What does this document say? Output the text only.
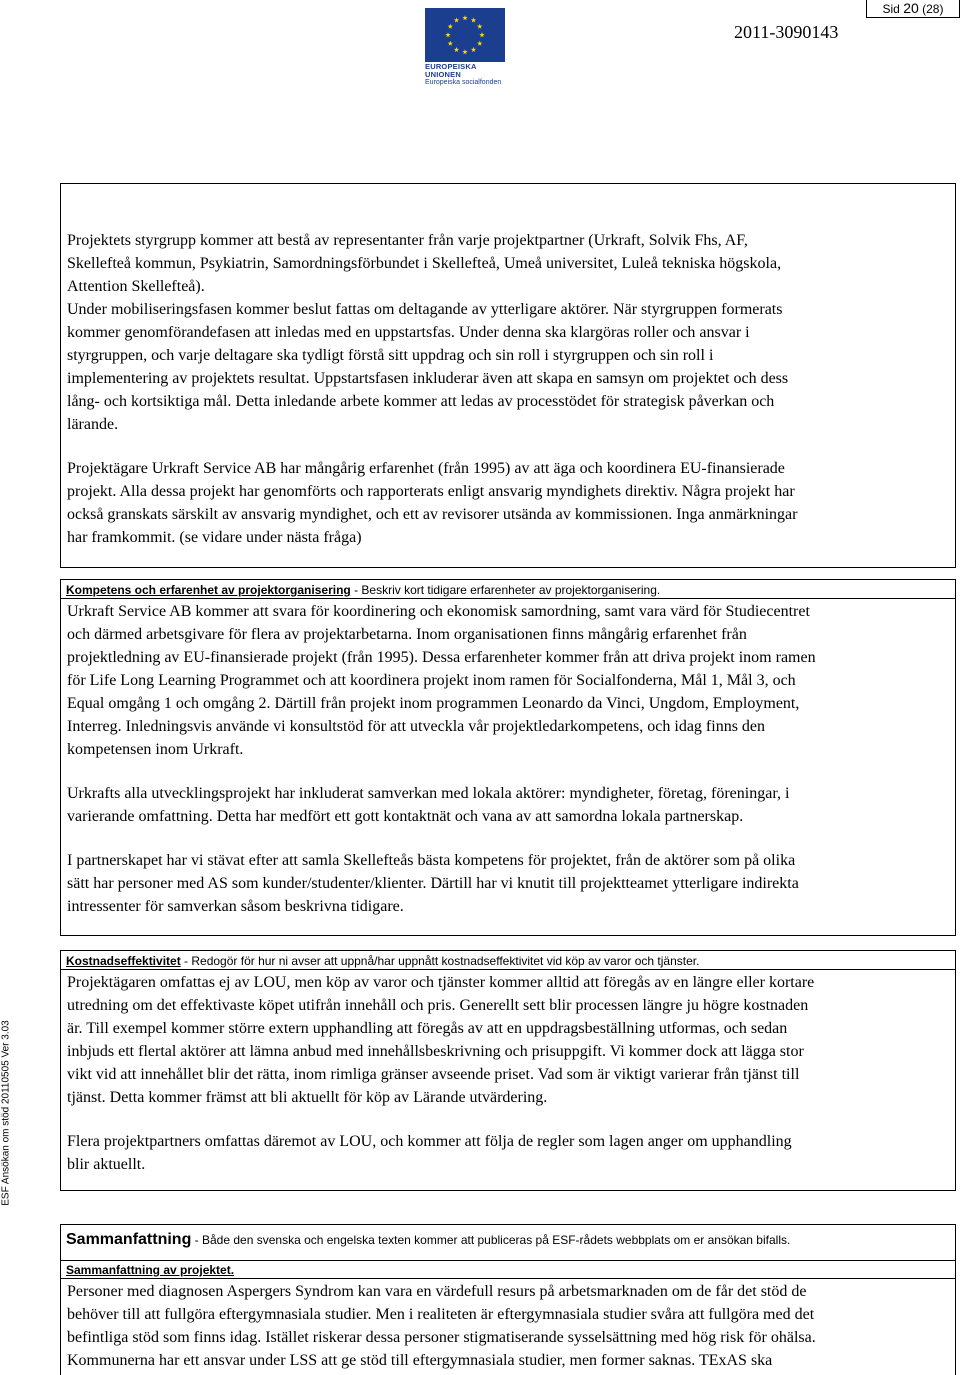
Sid 20 (28)
EUROPEISKA UNIONEN
Europeiska socialfonden
2011-3090143
ESF Ansökan om stöd 20110505 Ver 3.03

Projektets styrgrupp kommer att bestå av representanter från varje projektpartner (Urkraft, Solvik Fhs, AF,

Skellefteå kommun, Psykiatrin, Samordningsförbundet i Skellefteå, Umeå universitet, Luleå tekniska högskola,

Attention Skellefteå).

Under mobiliseringsfasen kommer beslut fattas om deltagande av ytterligare aktörer. När styrgruppen formerats

kommer genomförandefasen att inledas med en uppstartsfas. Under denna ska klargöras roller och ansvar i

styrgruppen, och varje deltagare ska tydligt förstå sitt uppdrag och sin roll i styrgruppen och sin roll i

implementering av projektets resultat. Uppstartsfasen inkluderar även att skapa en samsyn om projektet och dess

lång- och kortsiktiga mål. Detta inledande arbete kommer att ledas av processtödet för strategisk påverkan och

lärande.

Projektägare Urkraft Service AB har mångårig erfarenhet (från 1995) av att äga och koordinera EU-finansierade

projekt. Alla dessa projekt har genomförts och rapporterats enligt ansvarig myndighets direktiv. Några projekt har

också granskats särskilt av ansvarig myndighet, och ett av revisorer utsända av kommissionen. Inga anmärkningar

har framkommit. (se vidare under nästa fråga)

Kompetens och erfarenhet av projektorganisering - Beskriv kort tidigare erfarenheter av projektorganisering.

Urkraft Service AB kommer att svara för koordinering och ekonomisk samordning, samt vara värd för Studiecentret

och därmed arbetsgivare för flera av projektarbetarna. Inom organisationen finns mångårig erfarenhet från

projektledning av EU-finansierade projekt (från 1995). Dessa erfarenheter kommer från att driva projekt inom ramen

för Life Long Learning Programmet och att koordinera projekt inom ramen för Socialfonderna, Mål 1, Mål 3, och

Equal omgång 1 och omgång 2. Därtill från projekt inom programmen Leonardo da Vinci, Ungdom, Employment,

Interreg. Inledningsvis använde vi konsultstöd för att utveckla vår projektledarkompetens, och idag finns den

kompetensen inom Urkraft.

Urkrafts alla utvecklingsprojekt har inkluderat samverkan med lokala aktörer: myndigheter, företag, föreningar, i

varierande omfattning. Detta har medfört ett gott kontaktnät och vana av att samordna lokala partnerskap.

I partnerskapet har vi stävat efter att samla Skellefteås bästa kompetens för projektet, från de aktörer som på olika

sätt har personer med AS som kunder/studenter/klienter. Därtill har vi knutit till projektteamet ytterligare indirekta

intressenter för samverkan såsom beskrivna tidigare.

Kostnadseffektivitet - Redogör för hur ni avser att uppnå/har uppnått kostnadseffektivitet vid köp av varor och tjänster.

Projektägaren omfattas ej av LOU, men köp av varor och tjänster kommer alltid att föregås av en längre eller kortare

utredning om det effektivaste köpet utifrån innehåll och pris. Generellt sett blir processen längre ju högre kostnaden

är. Till exempel kommer större extern upphandling att föregås av att en uppdragsbeställning utformas, och sedan

inbjuds ett flertal aktörer att lämna anbud med innehållsbeskrivning och prisuppgift. Vi kommer dock att lägga stor

vikt vid att innehållet blir det rätta, inom rimliga gränser avseende priset. Vad som är viktigt varierar från tjänst till

tjänst. Detta kommer främst att bli aktuellt för köp av Lärande utvärdering.

Flera projektpartners omfattas däremot av LOU, och kommer att följa de regler som lagen anger om upphandling

blir aktuellt.

Sammanfattning - Både den svenska och engelska texten kommer att publiceras på ESF-rådets webbplats om er ansökan bifalls.
Sammanfattning av projektet.

Personer med diagnosen Aspergers Syndrom kan vara en värdefull resurs på arbetsmarknaden om de får det stöd de

behöver till att fullgöra eftergymnasiala studier. Men i realiteten är eftergymnasiala studier svåra att fullgöra med det

befintliga stöd som finns idag. Istället riskerar dessa personer stigmatiserande sysselsättning med hög risk för ohälsa.

Kommunerna har ett ansvar under LSS att ge stöd till eftergymnasiala studier, men former saknas. TExAS ska
